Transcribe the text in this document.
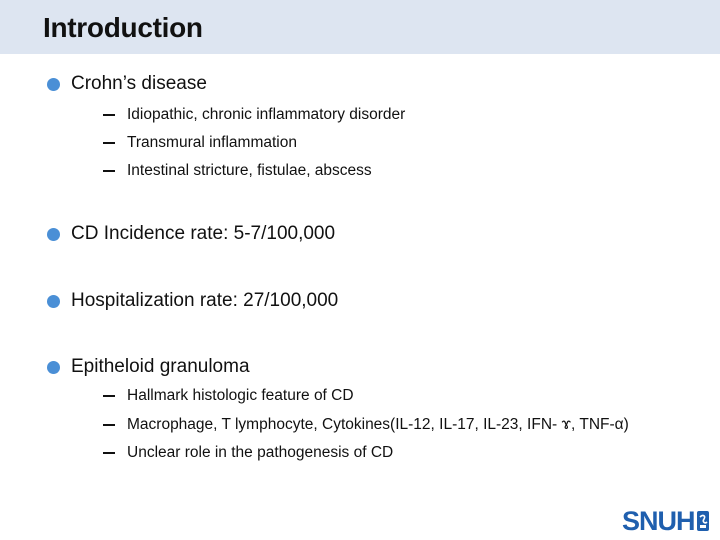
Introduction
Crohn’s disease
Idiopathic, chronic inflammatory disorder
Transmural inflammation
Intestinal stricture, fistulae, abscess
CD Incidence rate: 5-7/100,000
Hospitalization rate: 27/100,000
Epitheloid granuloma
Hallmark histologic feature of CD
Macrophage, T lymphocyte, Cytokines(IL-12, IL-17, IL-23, IFN- ɤ, TNF-α)
Unclear role in the pathogenesis of CD
SNUH
